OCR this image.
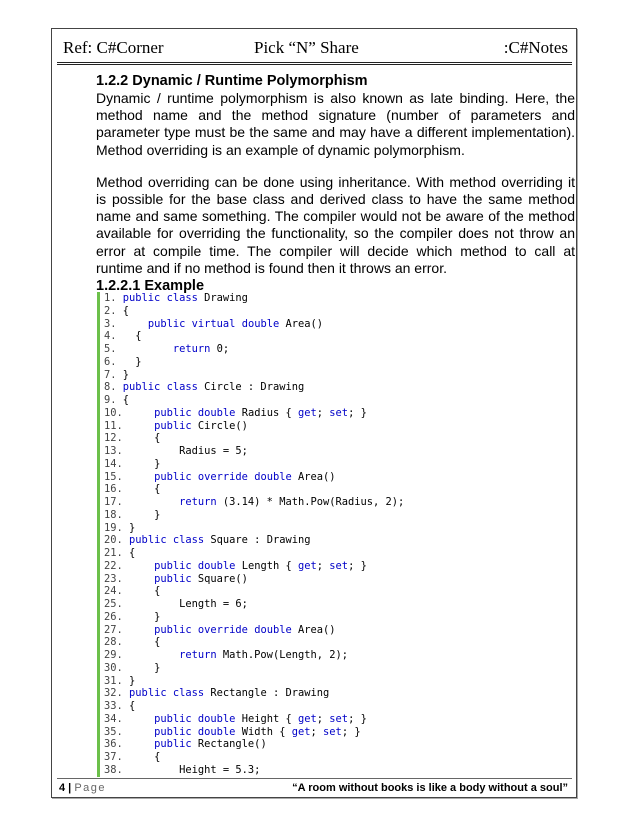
Ref: C#Corner	Pick “N” Share	:C#Notes
1.2.2 Dynamic / Runtime Polymorphism

Dynamic / runtime polymorphism is also known as late binding. Here, the method name and the method signature (number of parameters and parameter type must be the same and may have a different implementation). Method overriding is an example of dynamic polymorphism.

Method overriding can be done using inheritance. With method overriding it is possible for the base class and derived class to have the same method name and same something. The compiler would not be aware of the method available for overriding the functionality, so the compiler does not throw an error at compile time. The compiler will decide which method to call at runtime and if no method is found then it throws an error.

1.2.2.1 Example
1. public class Drawing
2. {
3.	public virtual double Area()
4.   {
5.	return 0;
6.   }
7. }
8. public class Circle : Drawing
9. {
10.	public double Radius { get; set; }
11.	public Circle()
12.     {
13.         Radius = 5;
14.     }
15.	public override double Area()
16.     {
17.	return (3.14) * Math.Pow(Radius, 2);
18.     }
19. }
20. public class Square : Drawing
21. {
22.	public double Length { get; set; }
23.	public Square()
24.     {
25.         Length = 6;
26.     }
27.	public override double Area()
28.     {
29.	return Math.Pow(Length, 2);
30.     }
31. }
32. public class Rectangle : Drawing
33. {
34.	public double Height { get; set; }
35.	public double Width { get; set; }
36.	public Rectangle()
37.     {
38.         Height = 5.3;
4 | Page	“A room without books is like a body without a soul”
